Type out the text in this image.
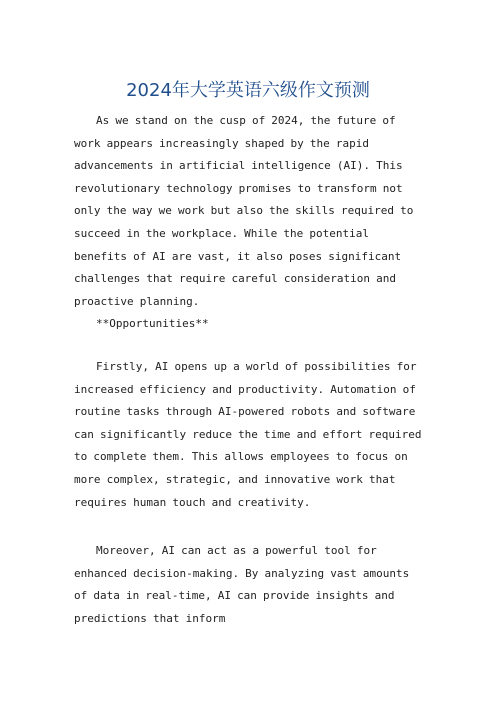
2024年大学英语六级作文预测

As we stand on the cusp of 2024, the future of work appears increasingly shaped by the rapid advancements in artificial intelligence (AI). This revolutionary technology promises to transform not only the way we work but also the skills required to succeed in the workplace. While the potential benefits of AI are vast, it also poses significant challenges that require careful consideration and proactive planning.

**Opportunities**

Firstly, AI opens up a world of possibilities for increased efficiency and productivity. Automation of routine tasks through AI-powered robots and software can significantly reduce the time and effort required to complete them. This allows employees to focus on more complex, strategic, and innovative work that requires human touch and creativity.

Moreover, AI can act as a powerful tool for enhanced decision-making. By analyzing vast amounts of data in real-time, AI can provide insights and predictions that inform
